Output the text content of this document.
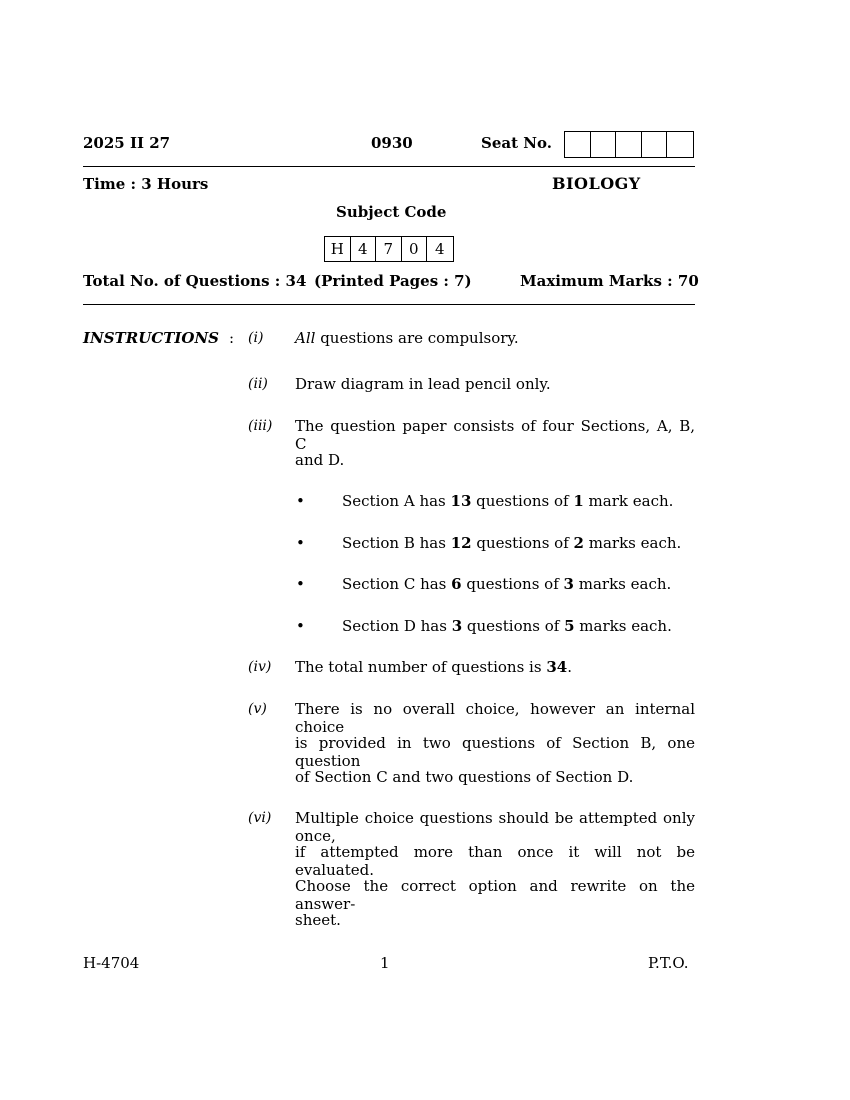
2025 II 27	0930	Seat No.
Time : 3 Hours	BIOLOGY
Subject Code
H 4	7	0	4
Total No. of Questions : 34 (Printed Pages : 7)	Maximum Marks : 70
INSTRUCTIONS : (i) All questions are compulsory.
(ii) Draw diagram in lead pencil only.
(iii) The question paper consists of four Sections, A, B, C
and D.
• Section A has 13 questions of 1 mark each.
• Section B has 12 questions of 2 marks each.
• Section C has 6 questions of 3 marks each.
• Section D has 3 questions of 5 marks each.
(iv) The total number of questions is 34.
(v) There is no overall choice, however an internal choice
is provided in two questions of Section B, one question
of Section C and two questions of Section D.
(vi) Multiple choice questions should be attempted only once,
if attempted more than once it will not be evaluated.
Choose the correct option and rewrite on the answer-
sheet.
H-4704	1	P.T.O.
